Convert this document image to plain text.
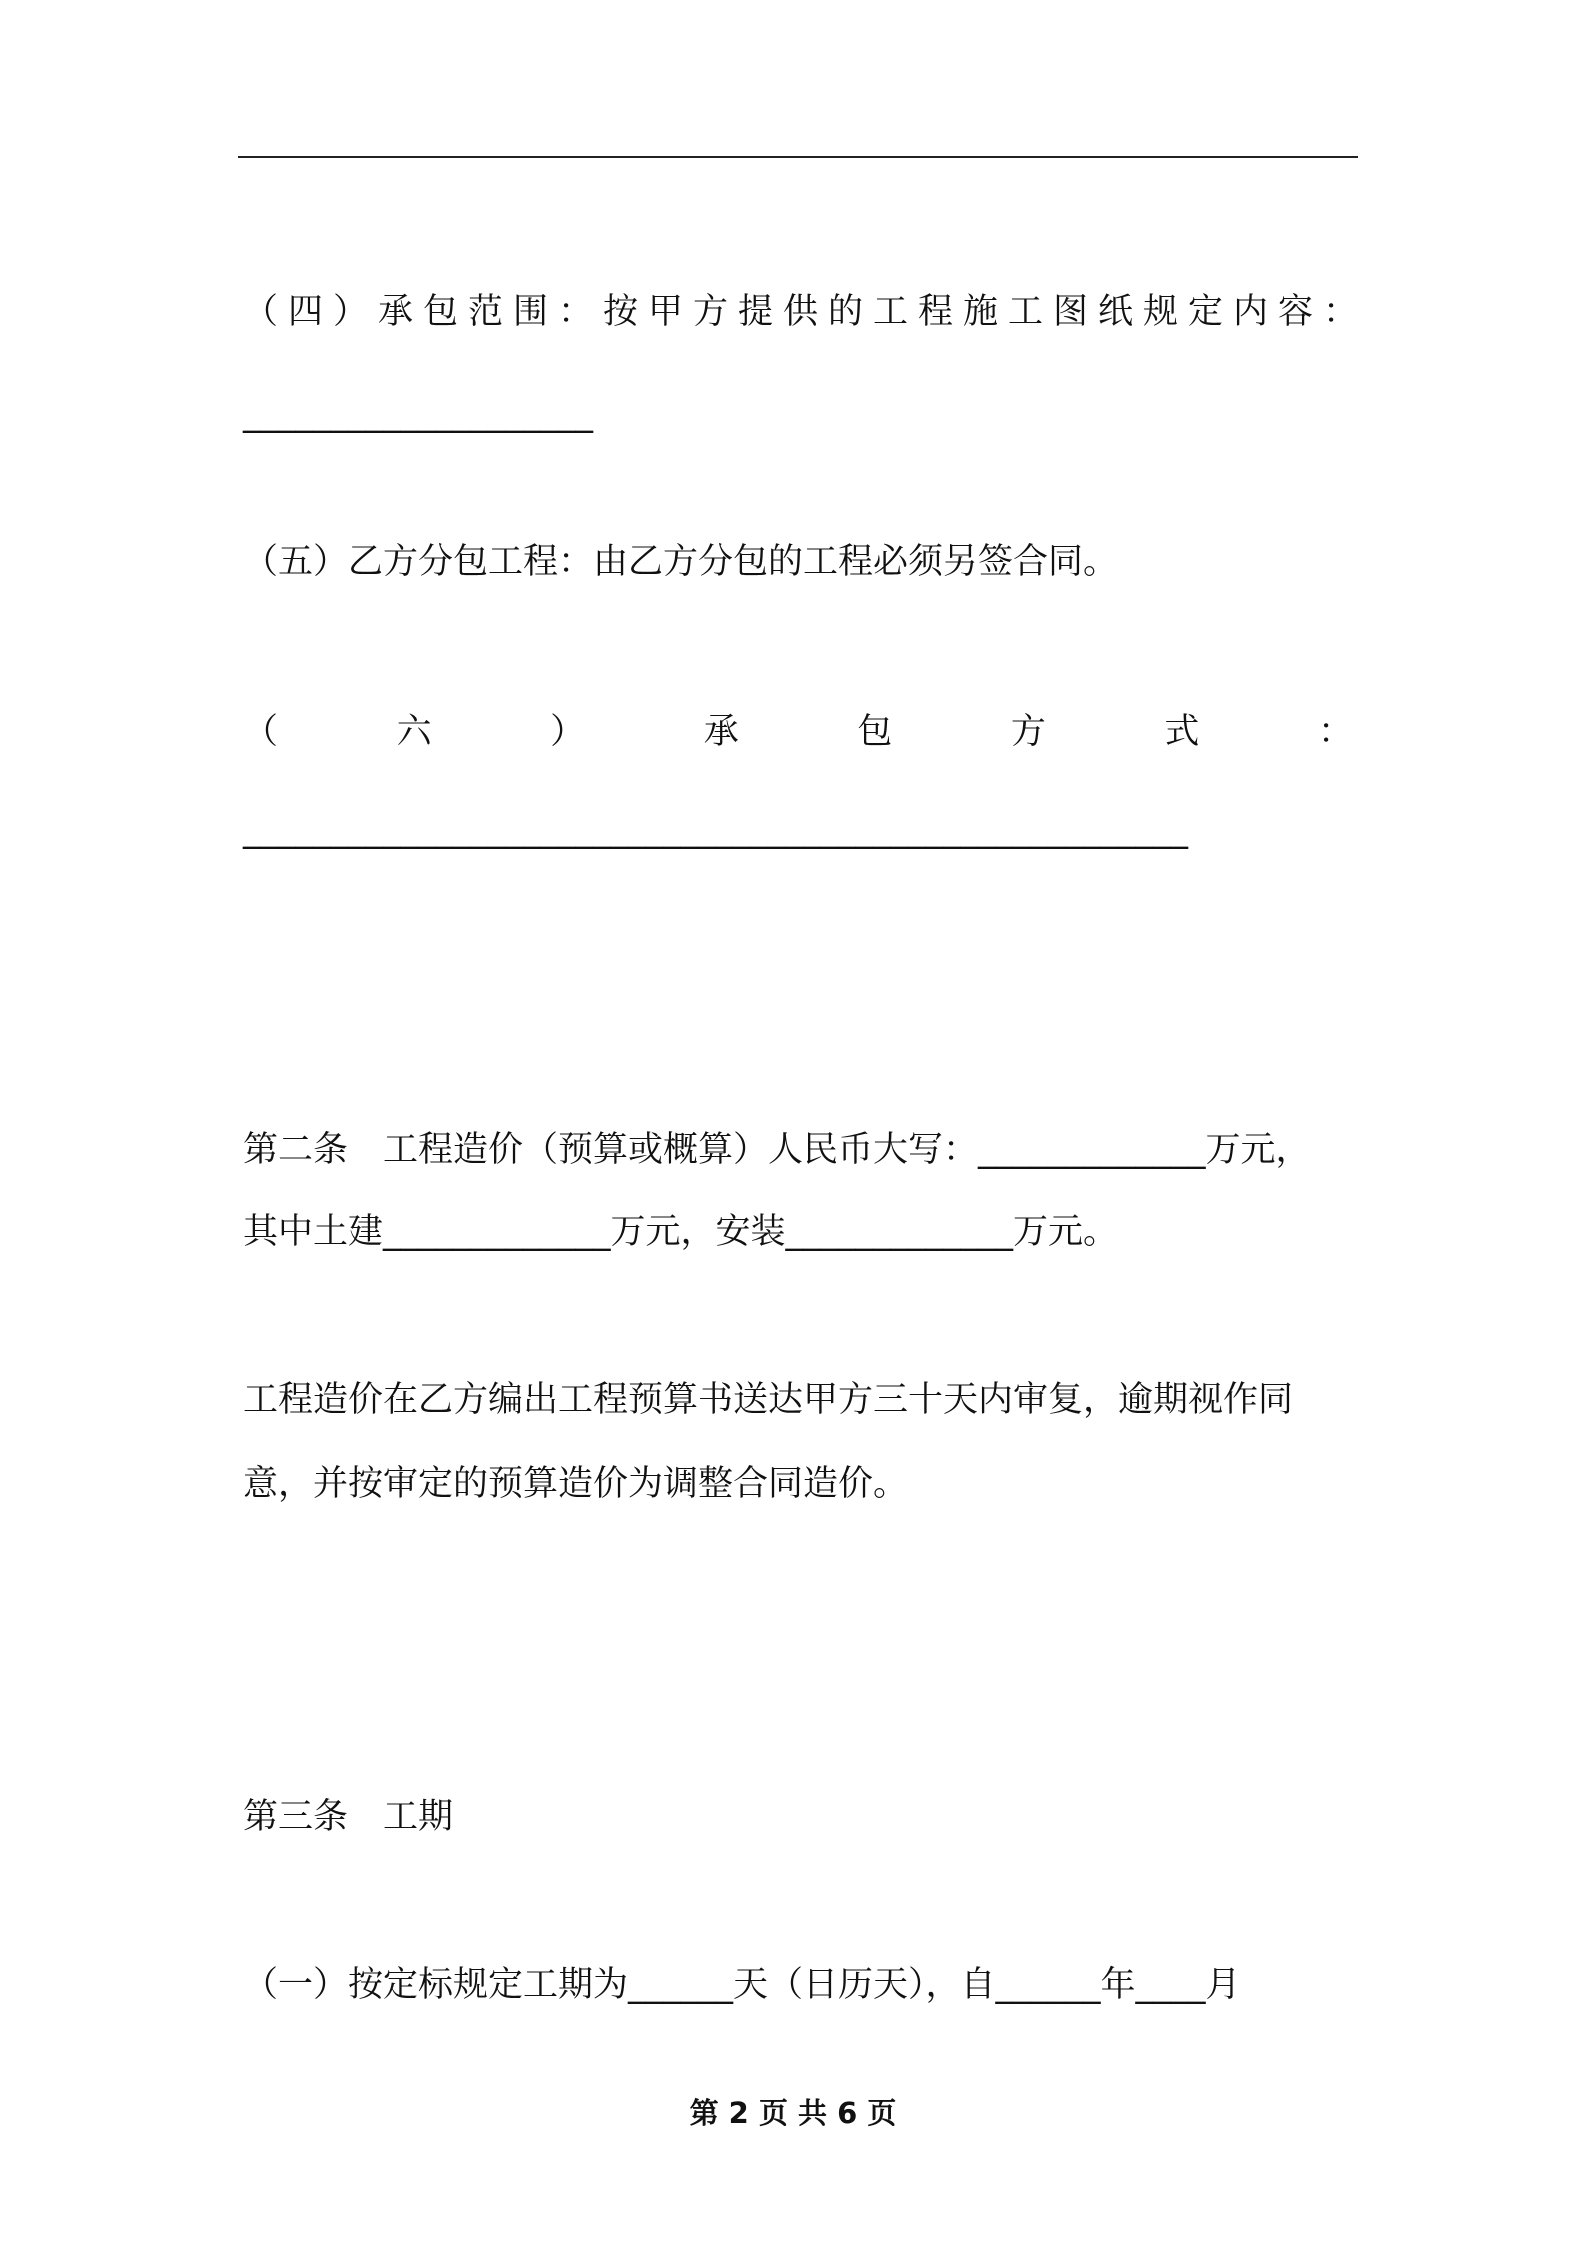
（四）承包范围：按甲方提供的工程施工图纸规定内容：
____________________
（五）乙方分包工程：由乙方分包的工程必须另签合同。
（	六	）	承	包	方	式	：
______________________________________________________
第二条　工程造价（预算或概算）人民币大写：_____________万元，
其中土建_____________万元，安装_____________万元。
工程造价在乙方编出工程预算书送达甲方三十天内审复，逾期视作同
意，并按审定的预算造价为调整合同造价。
第三条　工期
（一）按定标规定工期为______天（日历天），自______年____月
第 2 页 共 6 页
